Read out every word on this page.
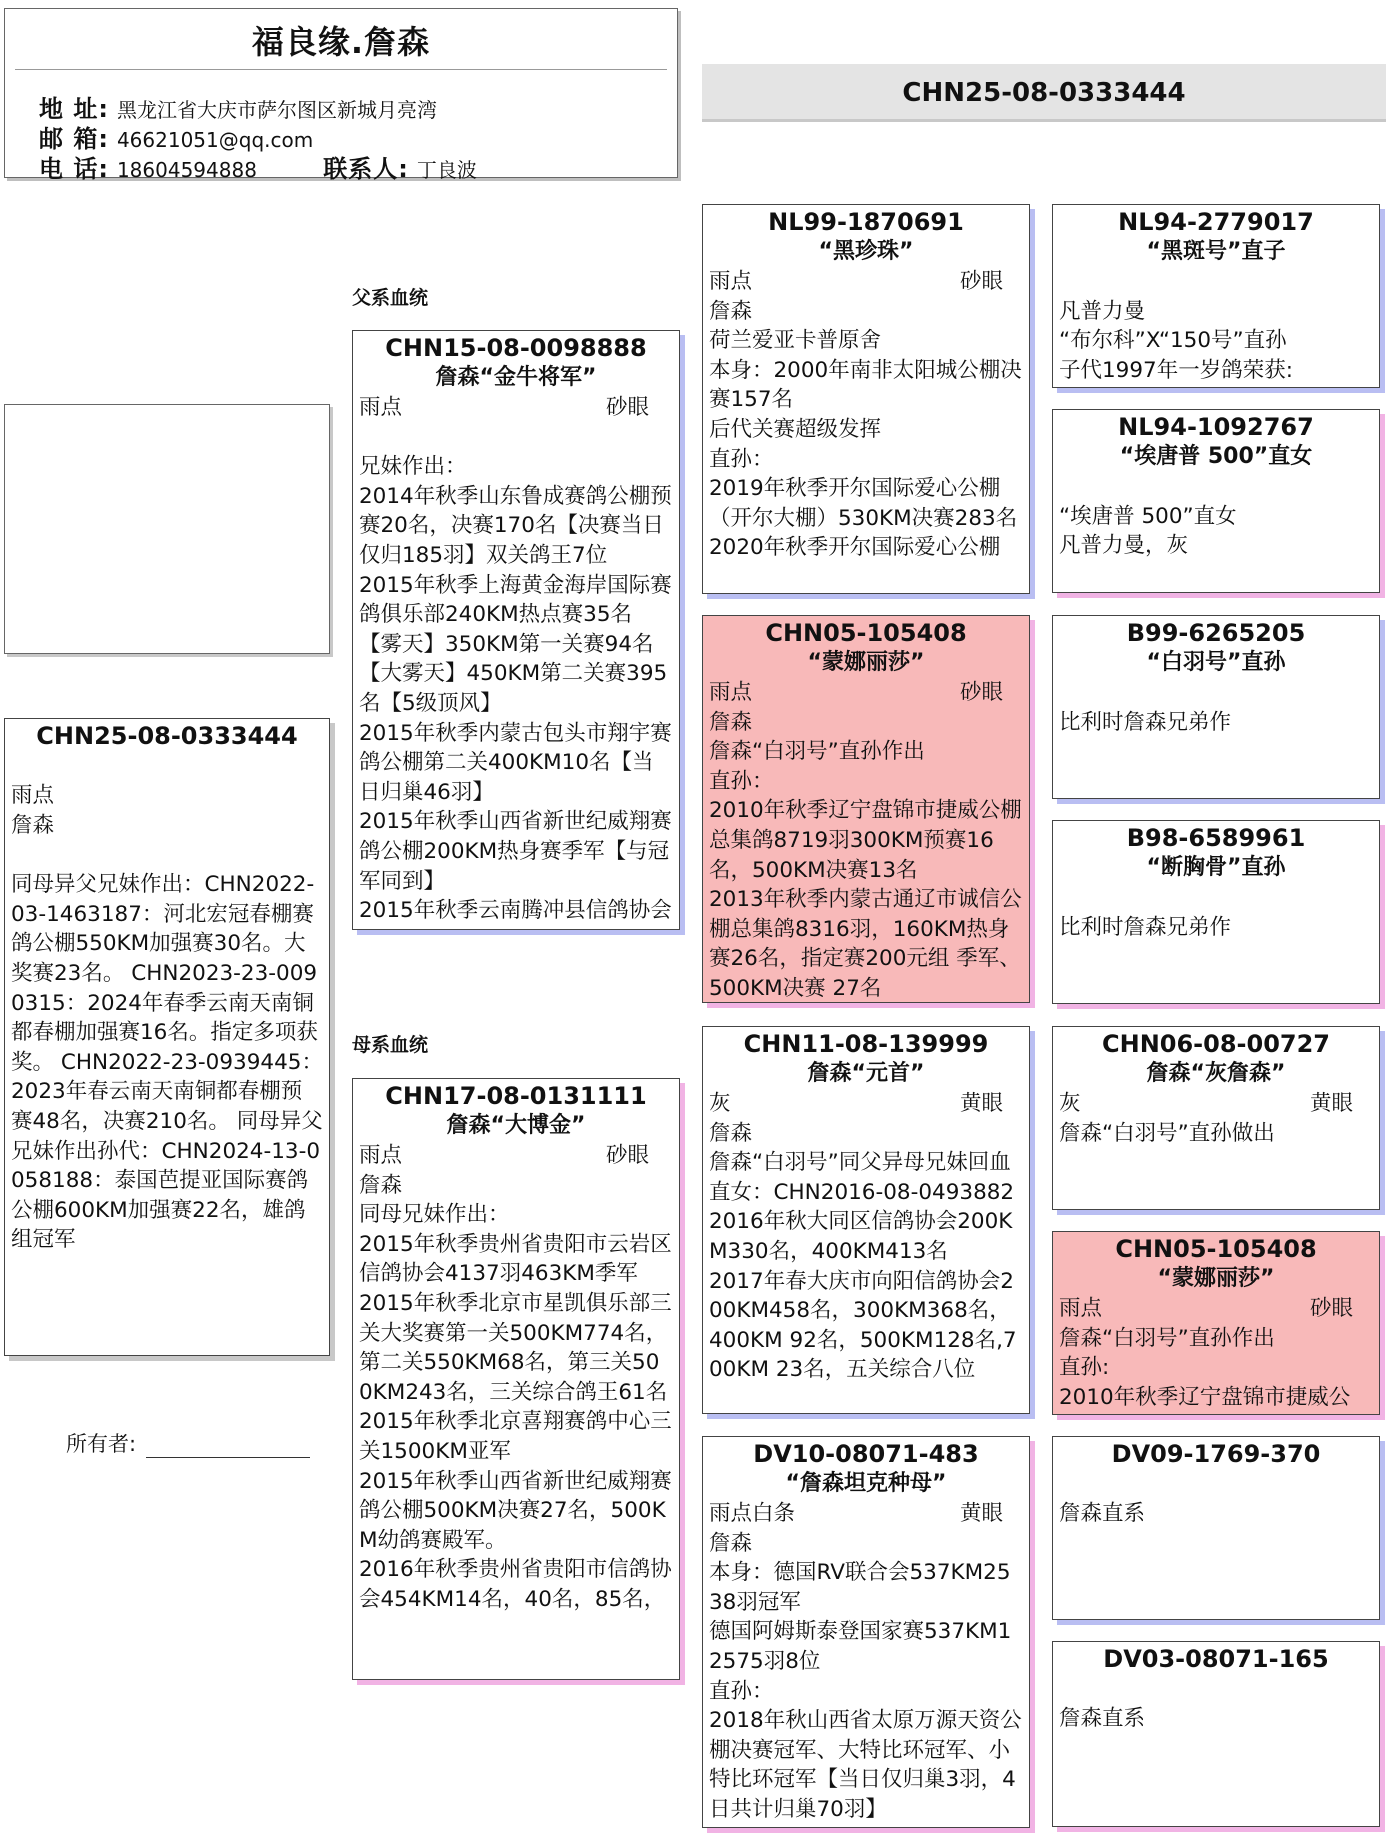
福良缘.詹森
地 址: 黑龙江省大庆市萨尔图区新城月亮湾
邮 箱: 46621051@qq.com
电 话: 18604594888	联系人: 丁良波
CHN25-08-0333444
CHN25-08-0333444
雨点
詹森
同母异父兄妹作出：CHN2022-03-1463187：河北宏冠春棚赛鸽公棚550KM加强赛30名。大奖赛23名。 CHN2023-23-0090315：2024年春季云南天南铜都春棚加强赛16名。指定多项获奖。 CHN2022-23-0939445：2023年春云南天南铜都春棚预赛48名，决赛210名。 同母异父兄妹作出孙代：CHN2024-13-0058188：泰国芭提亚国际赛鸽公棚600KM加强赛22名，雄鸽组冠军
所有者:
父系血统
母系血统
CHN15-08-0098888
詹森“金牛将军”
雨点	砂眼

兄妹作出：
2014年秋季山东鲁成赛鸽公棚预赛20名，决赛170名【决赛当日仅归185羽】双关鸽王7位
2015年秋季上海黄金海岸国际赛鸽俱乐部240KM热点赛35名【雾天】350KM第一关赛94名【大雾天】450KM第二关赛395名【5级顶风】
2015年秋季内蒙古包头市翔宇赛鸽公棚第二关400KM10名【当日归巢46羽】
2015年秋季山西省新世纪威翔赛鸽公棚200KM热身赛季军【与冠军同到】
2015年秋季云南腾冲县信鸽协会
CHN17-08-0131111
詹森“大博金”
雨点	砂眼
詹森
同母兄妹作出：
2015年秋季贵州省贵阳市云岩区信鸽协会4137羽463KM季军
2015年秋季北京市星凯俱乐部三关大奖赛第一关500KM774名，第二关550KM68名，第三关500KM243名，三关综合鸽王61名
2015年秋季北京喜翔赛鸽中心三关1500KM亚军
2015年秋季山西省新世纪威翔赛鸽公棚500KM决赛27名，500KM幼鸽赛殿军。
2016年秋季贵州省贵阳市信鸽协会454KM14名，40名，85名，
NL99-1870691
“黑珍珠”
雨点	砂眼
詹森
荷兰爱亚卡普原舍
本身：2000年南非太阳城公棚决赛157名
后代关赛超级发挥
直孙：
2019年秋季开尔国际爱心公棚（开尔大棚）530KM决赛283名
2020年秋季开尔国际爱心公棚
CHN05-105408
“蒙娜丽莎”
雨点	砂眼
詹森
詹森“白羽号”直孙作出
直孙：
2010年秋季辽宁盘锦市捷威公棚总集鸽8719羽300KM预赛16名，500KM决赛13名
2013年秋季内蒙古通辽市诚信公棚总集鸽8316羽，160KM热身赛26名，指定赛200元组 季军、500KM决赛 27名
CHN11-08-139999
詹森“元首”
灰	黄眼
詹森
詹森“白羽号”同父异母兄妹回血直女：CHN2016-08-0493882
2016年秋大同区信鸽协会200KM330名，400KM413名
2017年春大庆市向阳信鸽协会200KM458名，300KM368名，400KM 92名，500KM128名,700KM 23名，五关综合八位
DV10-08071-483
“詹森坦克种母”
雨点白条	黄眼
詹森
本身：德国RV联合会537KM2538羽冠军
德国阿姆斯泰登国家赛537KM12575羽8位
直孙：
2018年秋山西省太原万源天资公棚决赛冠军、大特比环冠军、小特比环冠军【当日仅归巢3羽，4日共计归巢70羽】
NL94-2779017
“黑斑号”直子

凡普力曼
“布尔科”X“150号”直孙
子代1997年一岁鸽荣获:
NL94-1092767
“埃唐普 500”直女

“埃唐普 500”直女
凡普力曼，灰
B99-6265205
“白羽号”直孙

比利时詹森兄弟作
B98-6589961
“断胸骨”直孙

比利时詹森兄弟作
CHN06-08-00727
詹森“灰詹森”
灰	黄眼
詹森“白羽号”直孙做出
CHN05-105408
“蒙娜丽莎”
雨点	砂眼
詹森“白羽号”直孙作出
直孙:
2010年秋季辽宁盘锦市捷威公
DV09-1769-370

詹森直系
DV03-08071-165

詹森直系
